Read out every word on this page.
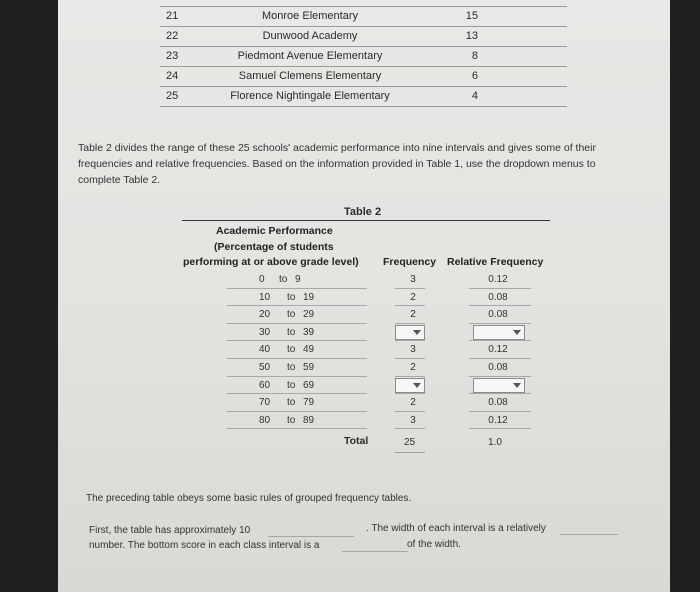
21	Monroe Elementary	15
22	Dunwood Academy	13
23	Piedmont Avenue Elementary	8
24	Samuel Clemens Elementary	6
25	Florence Nightingale Elementary	4
Table 2 divides the range of these 25 schools' academic performance into nine intervals and gives some of their frequencies and relative frequencies. Based on the information provided in Table 1, use the dropdown menus to complete Table 2.
Table 2
Academic Performance
(Percentage of students
performing at or above grade level) Frequency Relative Frequency
0 to 9	3	0.12
10 to 19	2	0.08
20 to 29	2	0.08
30 to 39
40 to 49	3	0.12
50 to 59	2	0.08
60 to 69
70 to 79	2	0.08
80 to 89	3	0.12
Total	25	1.0
The preceding table obeys some basic rules of grouped frequency tables.
First, the table has approximately 10	. The width of each interval is a relatively
number. The bottom score in each class interval is a	of the width.
